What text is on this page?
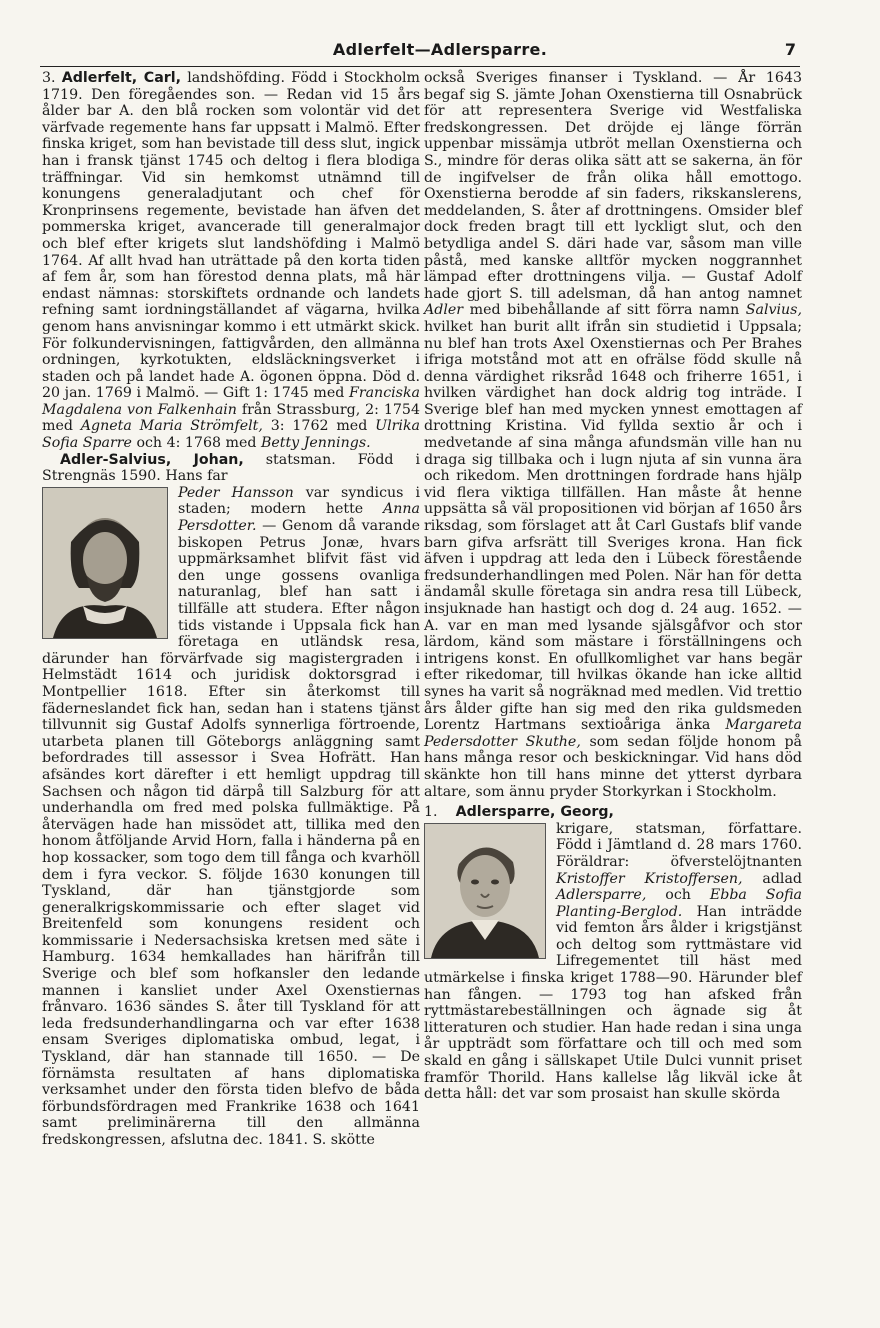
Adlerfelt—Adlersparre.	7

3. Adlerfelt, Carl, landshöfding. Född i Stockholm 1719. Den föregåendes son. — Redan vid 15 års ålder bar A. den blå rocken som volontär vid det värfvade regemente hans far uppsatt i Malmö. Efter finska kriget, som han bevistade till dess slut, ingick han i fransk tjänst 1745 och deltog i flera blodiga träffningar. Vid sin hemkomst utnämnd till konungens generaladjutant och chef för Kronprinsens regemente, bevistade han äfven det pommerska kriget, avancerade till generalmajor och blef efter krigets slut landshöfding i Malmö 1764. Af allt hvad han uträttade på den korta tiden af fem år, som han förestod denna plats, må här endast nämnas: storskiftets ordnande och landets refning samt iordningställandet af vägarna, hvilka genom hans anvisningar kommo i ett utmärkt skick. För folkundervisningen, fattigvården, den allmänna ordningen, kyrkotukten, eldsläckningsverket i staden och på landet hade A. ögonen öppna. Död d. 20 jan. 1769 i Malmö. — Gift 1: 1745 med Franciska Magdalena von Falkenhain från Strassburg, 2: 1754 med Agneta Maria Strömfelt, 3: 1762 med Ulrika Sofia Sparre och 4: 1768 med Betty Jennings.

Adler-Salvius, Johan, statsman. Född i Strengnäs 1590. Hans far

Peder Hansson var syndicus i staden; modern hette Anna Persdotter. — Genom då varande biskopen Petrus Jonæ, hvars uppmärksamhet blifvit fäst vid den unge gossens ovanliga naturanlag, blef han satt i tillfälle att studera. Efter någon tids vistande i Uppsala fick han företaga en utländsk resa, därunder han förvärfvade sig magistergraden i Helmstädt 1614 och juridisk doktorsgrad i Montpellier 1618. Efter sin återkomst till fäderneslandet fick han, sedan han i statens tjänst tillvunnit sig Gustaf Adolfs synnerliga förtroende, utarbeta planen till Göteborgs anläggning samt befordrades till assessor i Svea Hofrätt. Han afsändes kort därefter i ett hemligt uppdrag till Sachsen och någon tid därpå till Salzburg för att underhandla om fred med polska fullmäktige. På återvägen hade han missödet att, tillika med den honom åtföljande Arvid Horn, falla i händerna på en hop kossacker, som togo dem till fånga och kvarhöll dem i fyra veckor. S. följde 1630 konungen till Tyskland, där han tjänstgjorde som generalkrigskommissarie och efter slaget vid Breitenfeld som konungens resident och kommissarie i Nedersachsiska kretsen med säte i Hamburg. 1634 hemkallades han härifrån till Sverige och blef som hofkansler den ledande mannen i kansliet under Axel Oxenstiernas frånvaro. 1636 sändes S. åter till Tyskland för att leda fredsunderhandlingarna och var efter 1638 ensam Sveriges diplomatiska ombud, legat, i Tyskland, där han stannade till 1650. — De förnämsta resultaten af hans diplomatiska verksamhet under den första tiden blefvo de båda förbundsfördragen med Frankrike 1638 och 1641 samt preliminärerna till den allmänna fredskongressen, afslutna dec. 1841. S. skötte

också Sveriges finanser i Tyskland. — År 1643 begaf sig S. jämte Johan Oxenstierna till Osnabrück för att representera Sverige vid Westfaliska fredskongressen. Det dröjde ej länge förrän uppenbar missämja utbröt mellan Oxenstierna och S., mindre för deras olika sätt att se sakerna, än för de ingifvelser de från olika håll emottogo. Oxenstierna berodde af sin faders, rikskanslerens, meddelanden, S. åter af drottningens. Omsider blef dock freden bragt till ett lyckligt slut, och den betydliga andel S. däri hade var, såsom man ville påstå, med kanske alltför mycken noggrannhet lämpad efter drottningens vilja. — Gustaf Adolf hade gjort S. till adelsman, då han antog namnet Adler med bibehållande af sitt förra namn Salvius, hvilket han burit allt ifrån sin studietid i Uppsala; nu blef han trots Axel Oxenstiernas och Per Brahes ifriga motstånd mot att en ofrälse född skulle nå denna värdighet riksråd 1648 och friherre 1651, i hvilken värdighet han dock aldrig tog inträde. I Sverige blef han med mycken ynnest emottagen af drottning Kristina. Vid fyllda sextio år och i medvetande af sina många afundsmän ville han nu draga sig tillbaka och i lugn njuta af sin vunna ära och rikedom. Men drottningen fordrade hans hjälp vid flera viktiga tillfällen. Han måste åt henne uppsätta så väl propositionen vid början af 1650 års riksdag, som förslaget att åt Carl Gustafs blif vande barn gifva arfsrätt till Sveriges krona. Han fick äfven i uppdrag att leda den i Lübeck förestående fredsunderhandlingen med Polen. När han för detta ändamål skulle företaga sin andra resa till Lübeck, insjuknade han hastigt och dog d. 24 aug. 1652. — A. var en man med lysande själsgåfvor och stor lärdom, känd som mästare i förställningens och intrigens konst. En ofullkomlighet var hans begär efter rikedomar, till hvilkas ökande han icke alltid synes ha varit så nogräknad med medlen. Vid trettio års ålder gifte han sig med den rika guldsmeden Lorentz Hartmans sextioåriga änka Margareta Pedersdotter Skuthe, som sedan följde honom på hans många resor och beskickningar. Vid hans död skänkte hon till hans minne det ytterst dyrbara altare, som ännu pryder Storkyrkan i Stockholm.

1. Adlersparre, Georg,

krigare, statsman, författare. Född i Jämtland d. 28 mars 1760. Föräldrar: öfverstelöjtnanten Kristoffer Kristoffersen, adlad Adlersparre, och Ebba Sofia Planting-Berglod. Han inträdde vid femton års ålder i krigstjänst och deltog som ryttmästare vid Lifregementet till häst med utmärkelse i finska kriget 1788—90. Härunder blef han fången. — 1793 tog han afsked från ryttmästarebeställningen och ägnade sig åt litteraturen och studier. Han hade redan i sina unga år uppträdt som författare och till och med som skald en gång i sällskapet Utile Dulci vunnit priset framför Thorild. Hans kallelse låg likväl icke åt detta håll: det var som prosaist han skulle skörda
